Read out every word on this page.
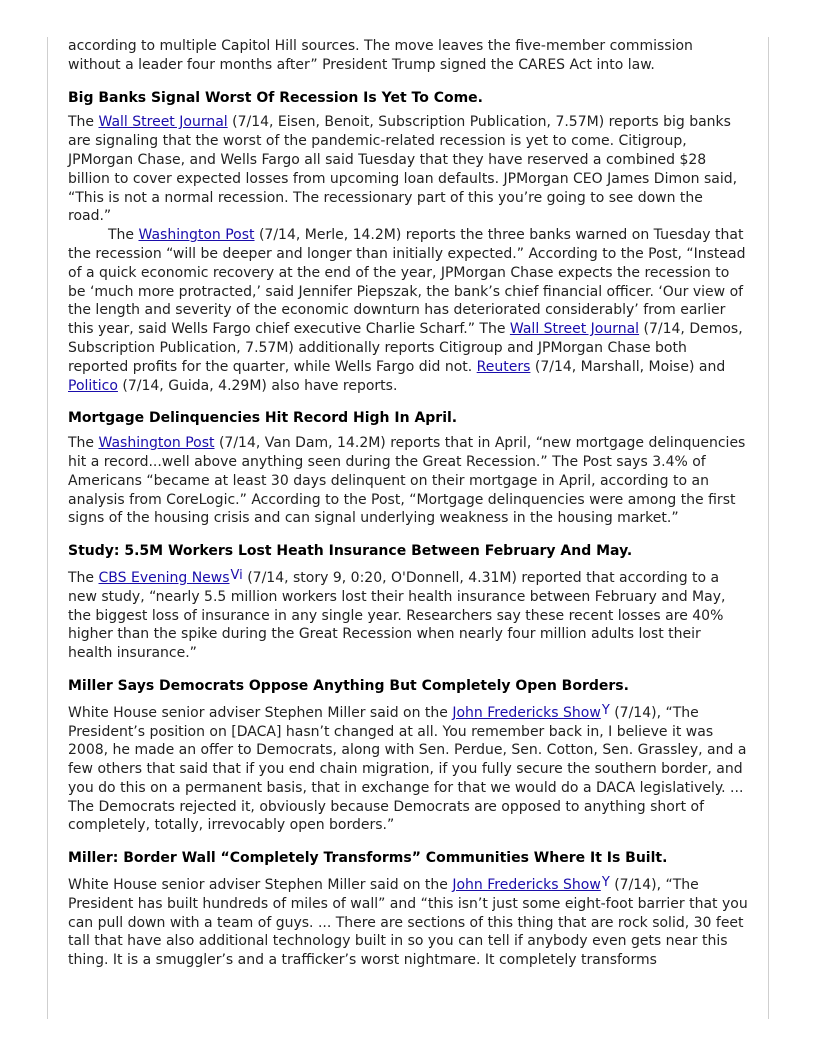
according to multiple Capitol Hill sources. The move leaves the five-member commission without a leader four months after” President Trump signed the CARES Act into law.

Big Banks Signal Worst Of Recession Is Yet To Come.

The Wall Street Journal (7/14, Eisen, Benoit, Subscription Publication, 7.57M) reports big banks are signaling that the worst of the pandemic-related recession is yet to come. Citigroup, JPMorgan Chase, and Wells Fargo all said Tuesday that they have reserved a combined $28 billion to cover expected losses from upcoming loan defaults. JPMorgan CEO James Dimon said, “This is not a normal recession. The recessionary part of this you’re going to see down the road.”

The Washington Post (7/14, Merle, 14.2M) reports the three banks warned on Tuesday that the recession “will be deeper and longer than initially expected.” According to the Post, “Instead of a quick economic recovery at the end of the year, JPMorgan Chase expects the recession to be ‘much more protracted,’ said Jennifer Piepszak, the bank’s chief financial officer. ‘Our view of the length and severity of the economic downturn has deteriorated considerably’ from earlier this year, said Wells Fargo chief executive Charlie Scharf.” The Wall Street Journal (7/14, Demos, Subscription Publication, 7.57M) additionally reports Citigroup and JPMorgan Chase both reported profits for the quarter, while Wells Fargo did not. Reuters (7/14, Marshall, Moise) and Politico (7/14, Guida, 4.29M) also have reports.

Mortgage Delinquencies Hit Record High In April.

The Washington Post (7/14, Van Dam, 14.2M) reports that in April, “new mortgage delinquencies hit a record...well above anything seen during the Great Recession.” The Post says 3.4% of Americans “became at least 30 days delinquent on their mortgage in April, according to an analysis from CoreLogic.” According to the Post, “Mortgage delinquencies were among the first signs of the housing crisis and can signal underlying weakness in the housing market.”

Study: 5.5M Workers Lost Heath Insurance Between February And May.

The CBS Evening NewsVi (7/14, story 9, 0:20, O'Donnell, 4.31M) reported that according to a new study, “nearly 5.5 million workers lost their health insurance between February and May, the biggest loss of insurance in any single year. Researchers say these recent losses are 40% higher than the spike during the Great Recession when nearly four million adults lost their health insurance.”

Miller Says Democrats Oppose Anything But Completely Open Borders.

White House senior adviser Stephen Miller said on the John Fredericks ShowY (7/14), “The President’s position on [DACA] hasn’t changed at all. You remember back in, I believe it was 2008, he made an offer to Democrats, along with Sen. Perdue, Sen. Cotton, Sen. Grassley, and a few others that said that if you end chain migration, if you fully secure the southern border, and you do this on a permanent basis, that in exchange for that we would do a DACA legislatively. ... The Democrats rejected it, obviously because Democrats are opposed to anything short of completely, totally, irrevocably open borders.”

Miller: Border Wall “Completely Transforms” Communities Where It Is Built.

White House senior adviser Stephen Miller said on the John Fredericks ShowY (7/14), “The President has built hundreds of miles of wall” and “this isn’t just some eight-foot barrier that you can pull down with a team of guys. ... There are sections of this thing that are rock solid, 30 feet tall that have also additional technology built in so you can tell if anybody even gets near this thing. It is a smuggler’s and a trafficker’s worst nightmare. It completely transforms
